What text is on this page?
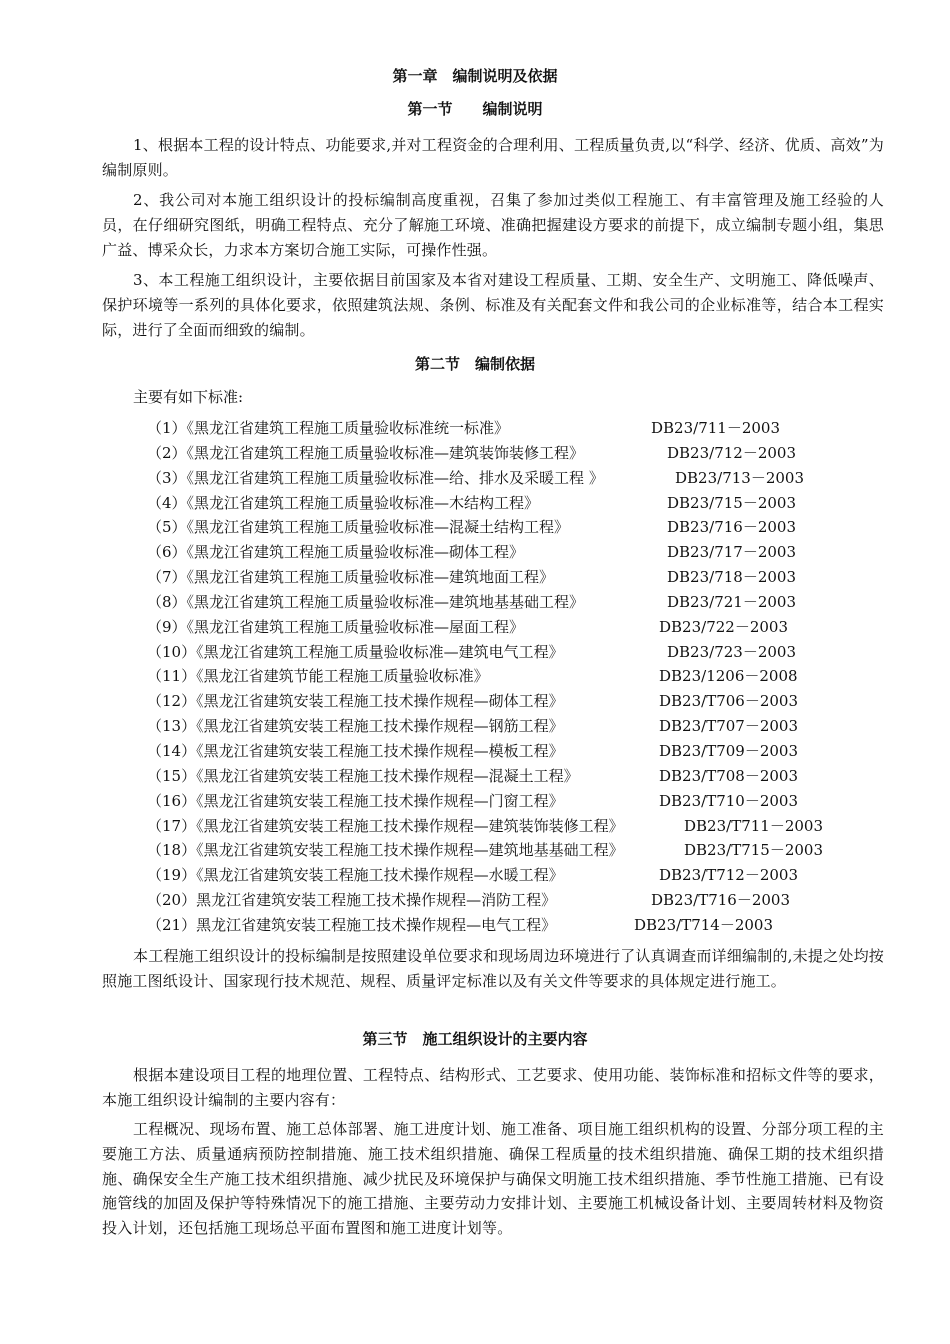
第一章　编制说明及依据
第一节　　编制说明

1、根据本工程的设计特点、功能要求,并对工程资金的合理利用、工程质量负责,以“科学、经济、优质、高效”为编制原则。

2、我公司对本施工组织设计的投标编制高度重视，召集了参加过类似工程施工、有丰富管理及施工经验的人员，在仔细研究图纸，明确工程特点、充分了解施工环境、准确把握建设方要求的前提下，成立编制专题小组，集思广益、博采众长，力求本方案切合施工实际，可操作性强。

3、本工程施工组织设计，主要依据目前国家及本省对建设工程质量、工期、安全生产、文明施工、降低噪声、保护环境等一系列的具体化要求，依照建筑法规、条例、标准及有关配套文件和我公司的企业标准等，结合本工程实际，进行了全面而细致的编制。

第二节　编制依据
主要有如下标准:
（1）《黑龙江省建筑工程施工质量验收标准统一标准》	DB23/711－2003
（2）《黑龙江省建筑工程施工质量验收标准—建筑装饰装修工程》	DB23/712－2003
（3）《黑龙江省建筑工程施工质量验收标准—给、排水及采暖工程 》	DB23/713－2003
（4）《黑龙江省建筑工程施工质量验收标准—木结构工程》	DB23/715－2003
（5）《黑龙江省建筑工程施工质量验收标准—混凝土结构工程》	DB23/716－2003
（6）《黑龙江省建筑工程施工质量验收标准—砌体工程》	DB23/717－2003
（7）《黑龙江省建筑工程施工质量验收标准—建筑地面工程》	DB23/718－2003
（8）《黑龙江省建筑工程施工质量验收标准—建筑地基基础工程》	DB23/721－2003
（9）《黑龙江省建筑工程施工质量验收标准—屋面工程》	DB23/722－2003
（10）《黑龙江省建筑工程施工质量验收标准—建筑电气工程》	DB23/723－2003
（11）《黑龙江省建筑节能工程施工质量验收标准》	DB23/1206－2008
（12）《黑龙江省建筑安装工程施工技术操作规程—砌体工程》	DB23/T706－2003
（13）《黑龙江省建筑安装工程施工技术操作规程—钢筋工程》	DB23/T707－2003
（14）《黑龙江省建筑安装工程施工技术操作规程—模板工程》	DB23/T709－2003
（15）《黑龙江省建筑安装工程施工技术操作规程—混凝土工程》	DB23/T708－2003
（16）《黑龙江省建筑安装工程施工技术操作规程—门窗工程》	DB23/T710－2003
（17）《黑龙江省建筑安装工程施工技术操作规程—建筑装饰装修工程》	DB23/T711－2003
（18）《黑龙江省建筑安装工程施工技术操作规程—建筑地基基础工程》	DB23/T715－2003
（19）《黑龙江省建筑安装工程施工技术操作规程—水暖工程》	DB23/T712－2003
（20）黑龙江省建筑安装工程施工技术操作规程—消防工程》	DB23/T716－2003
（21）黑龙江省建筑安装工程施工技术操作规程—电气工程》	DB23/T714－2003

本工程施工组织设计的投标编制是按照建设单位要求和现场周边环境进行了认真调查而详细编制的,未提之处均按照施工图纸设计、国家现行技术规范、规程、质量评定标准以及有关文件等要求的具体规定进行施工。

第三节　施工组织设计的主要内容

根据本建设项目工程的地理位置、工程特点、结构形式、工艺要求、使用功能、装饰标准和招标文件等的要求，本施工组织设计编制的主要内容有：

工程概况、现场布置、施工总体部署、施工进度计划、施工准备、项目施工组织机构的设置、分部分项工程的主要施工方法、质量通病预防控制措施、施工技术组织措施、确保工程质量的技术组织措施、确保工期的技术组织措施、确保安全生产施工技术组织措施、减少扰民及环境保护与确保文明施工技术组织措施、季节性施工措施、已有设施管线的加固及保护等特殊情况下的施工措施、主要劳动力安排计划、主要施工机械设备计划、主要周转材料及物资投入计划，还包括施工现场总平面布置图和施工进度计划等。
